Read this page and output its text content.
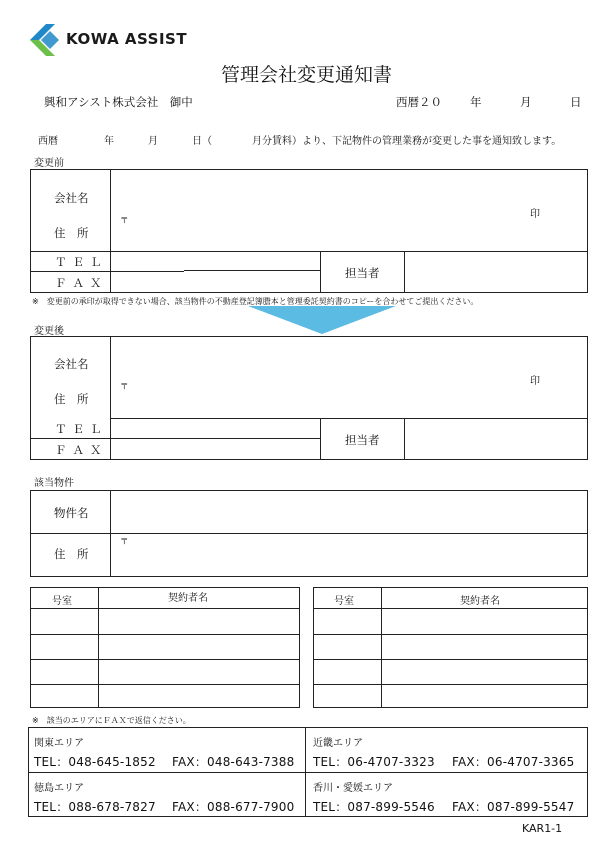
KOWA ASSIST
管理会社変更通知書
興和アシスト株式会社　御中	西暦２０ 年	月	日
西暦	年	月	日（	月分賃料）より、下記物件の管理業務が変更した事を通知致します。
変更前
会社名
住　所
〒
印
ＴＥＬ
ＦＡＸ
担当者
※　変更前の承印が取得できない場合、該当物件の不動産登記簿謄本と管理委託契約書のコピーを合わせてご提出ください。
変更後
会社名
住　所
〒	印
ＴＥＬ
ＦＡＸ
担当者
該当物件
物件名
住　所
〒
号室	契約者名	号室	契約者名
※　該当のエリアにＦＡＸで返信ください。
関東エリア
TEL：048-645-1852 FAX：048-643-7388
近畿エリア
TEL：06-4707-3323 FAX：06-4707-3365
徳島エリア
TEL：088-678-7827 FAX：088-677-7900
香川・愛媛エリア
TEL：087-899-5546 FAX：087-899-5547
KAR1-1
